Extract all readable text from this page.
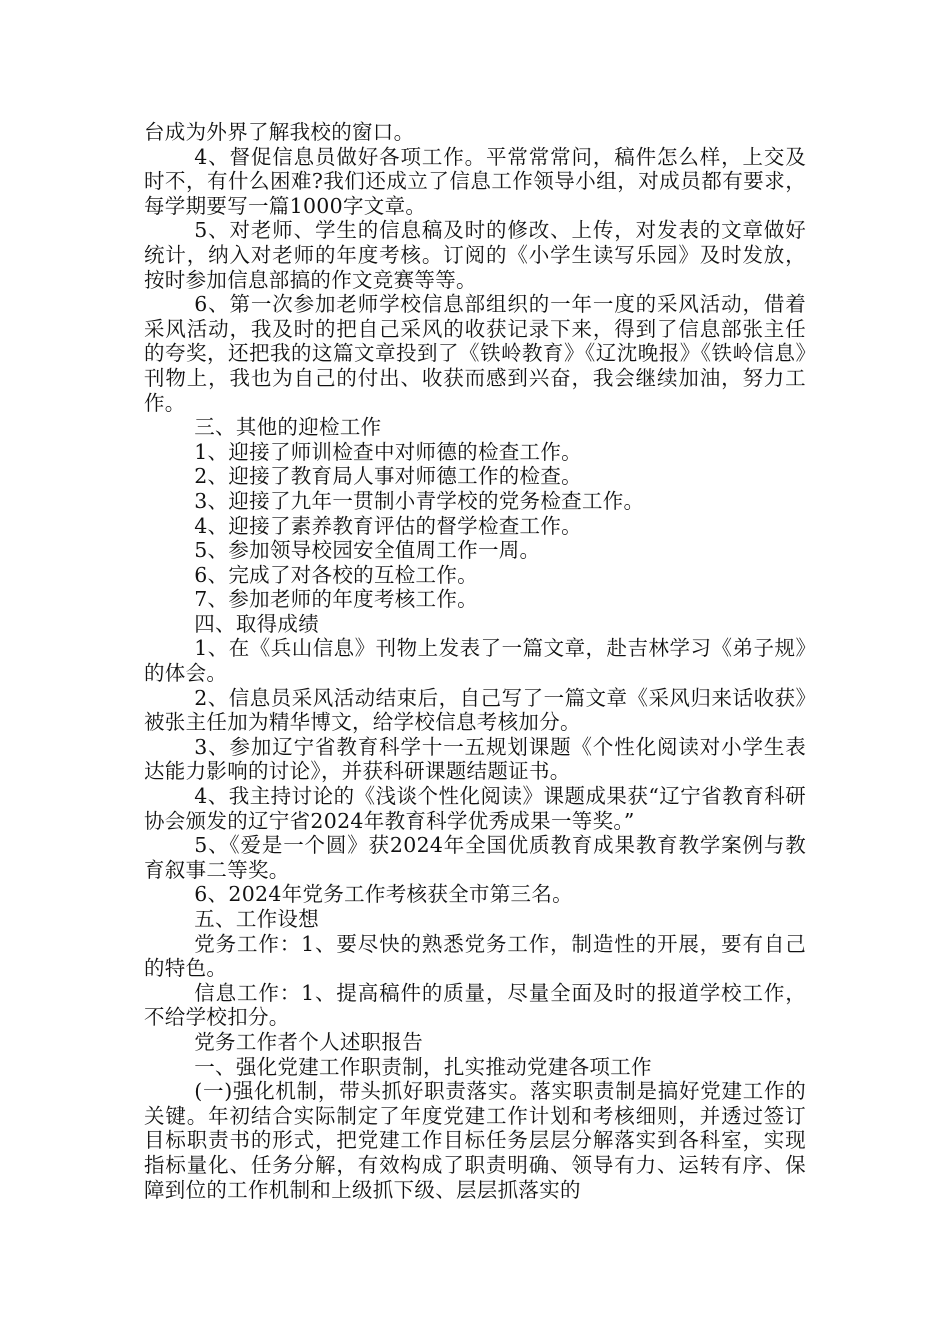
台成为外界了解我校的窗口。

4、督促信息员做好各项工作。平常常常问，稿件怎么样，上交及时不，有什么困难?我们还成立了信息工作领导小组，对成员都有要求，每学期要写一篇1000字文章。

5、对老师、学生的信息稿及时的修改、上传，对发表的文章做好统计，纳入对老师的年度考核。订阅的《小学生读写乐园》及时发放，按时参加信息部搞的作文竞赛等等。

6、第一次参加老师学校信息部组织的一年一度的采风活动，借着采风活动，我及时的把自己采风的收获记录下来，得到了信息部张主任的夸奖，还把我的这篇文章投到了《铁岭教育》《辽沈晚报》《铁岭信息》刊物上，我也为自己的付出、收获而感到兴奋，我会继续加油，努力工作。

三、其他的迎检工作

1、迎接了师训检查中对师德的检查工作。

2、迎接了教育局人事对师德工作的检查。

3、迎接了九年一贯制小青学校的党务检查工作。

4、迎接了素养教育评估的督学检查工作。

5、参加领导校园安全值周工作一周。

6、完成了对各校的互检工作。

7、参加老师的年度考核工作。

四、取得成绩

1、在《兵山信息》刊物上发表了一篇文章，赴吉林学习《弟子规》的体会。

2、信息员采风活动结束后，自己写了一篇文章《采风归来话收获》被张主任加为精华博文，给学校信息考核加分。

3、参加辽宁省教育科学十一五规划课题《个性化阅读对小学生表达能力影响的讨论》，并获科研课题结题证书。

4、我主持讨论的《浅谈个性化阅读》课题成果获“辽宁省教育科研协会颁发的辽宁省2024年教育科学优秀成果一等奖。”

5、《爱是一个圆》获2024年全国优质教育成果教育教学案例与教育叙事二等奖。

6、2024年党务工作考核获全市第三名。

五、工作设想

党务工作：1、要尽快的熟悉党务工作，制造性的开展，要有自己的特色。

信息工作：1、提高稿件的质量，尽量全面及时的报道学校工作，不给学校扣分。

党务工作者个人述职报告

一、强化党建工作职责制，扎实推动党建各项工作

(一)强化机制，带头抓好职责落实。落实职责制是搞好党建工作的关键。年初结合实际制定了年度党建工作计划和考核细则，并透过签订目标职责书的形式，把党建工作目标任务层层分解落实到各科室，实现指标量化、任务分解，有效构成了职责明确、领导有力、运转有序、保障到位的工作机制和上级抓下级、层层抓落实的
